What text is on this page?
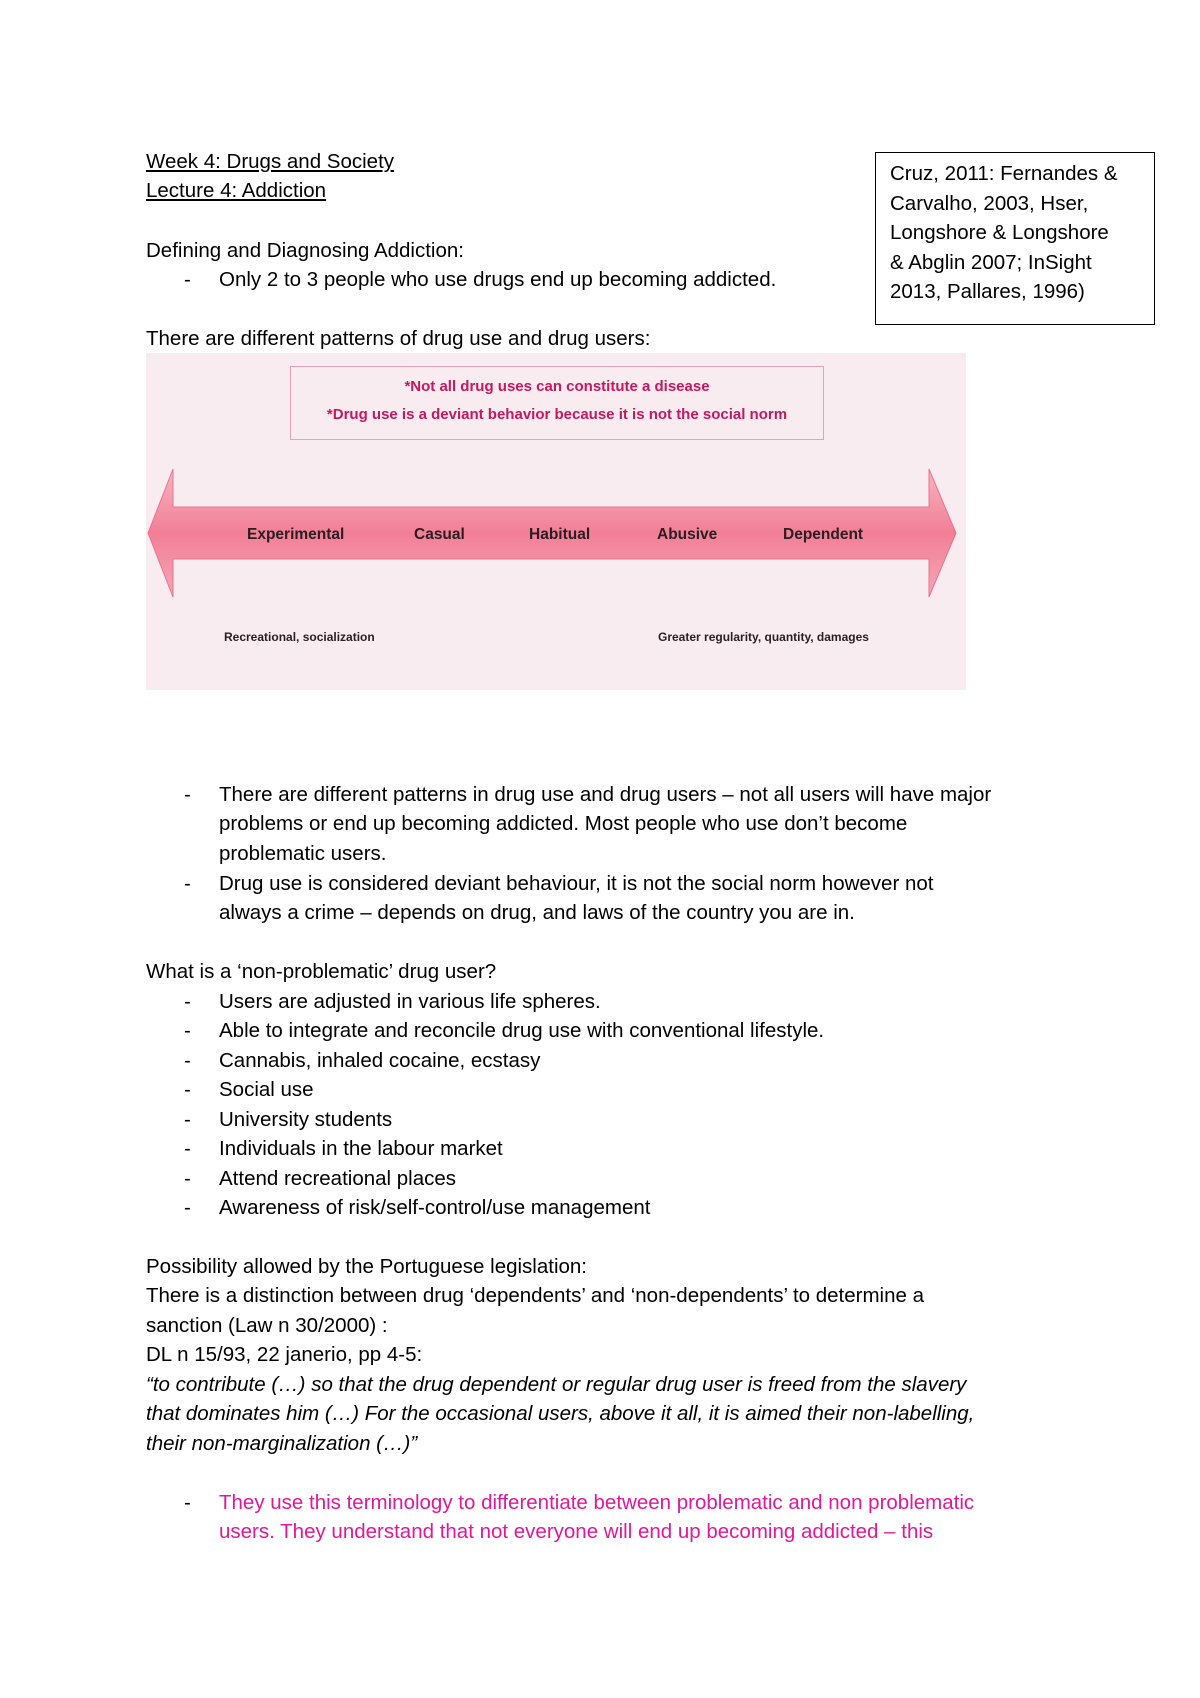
Week 4: Drugs and Society
Lecture 4: Addiction
Cruz, 2011: Fernandes &
Carvalho, 2003, Hser,
Longshore & Longshore
& Abglin 2007; InSight
2013, Pallares, 1996)
Defining and Diagnosing Addiction:
- Only 2 to 3 people who use drugs end up becoming addicted.
There are different patterns of drug use and drug users:
*Not all drug uses can constitute a disease
*Drug use is a deviant behavior because it is not the social norm
Experimental	Casual	Habitual	Abusive	Dependent
Recreational, socialization	Greater regularity, quantity, damages
- There are different patterns in drug use and drug users – not all users will have major
problems or end up becoming addicted. Most people who use don’t become
problematic users.
- Drug use is considered deviant behaviour, it is not the social norm however not
always a crime – depends on drug, and laws of the country you are in.
What is a ‘non-problematic’ drug user?
- Users are adjusted in various life spheres.
- Able to integrate and reconcile drug use with conventional lifestyle.
- Cannabis, inhaled cocaine, ecstasy
- Social use
- University students
- Individuals in the labour market
- Attend recreational places
- Awareness of risk/self-control/use management
Possibility allowed by the Portuguese legislation:
There is a distinction between drug ‘dependents’ and ‘non-dependents’ to determine a
sanction (Law n 30/2000) :
DL n 15/93, 22 janerio, pp 4-5:
“to contribute (…) so that the drug dependent or regular drug user is freed from the slavery
that dominates him (…) For the occasional users, above it all, it is aimed their non-labelling,
their non-marginalization (…)”
- They use this terminology to differentiate between problematic and non problematic
users. They understand that not everyone will end up becoming addicted – this
